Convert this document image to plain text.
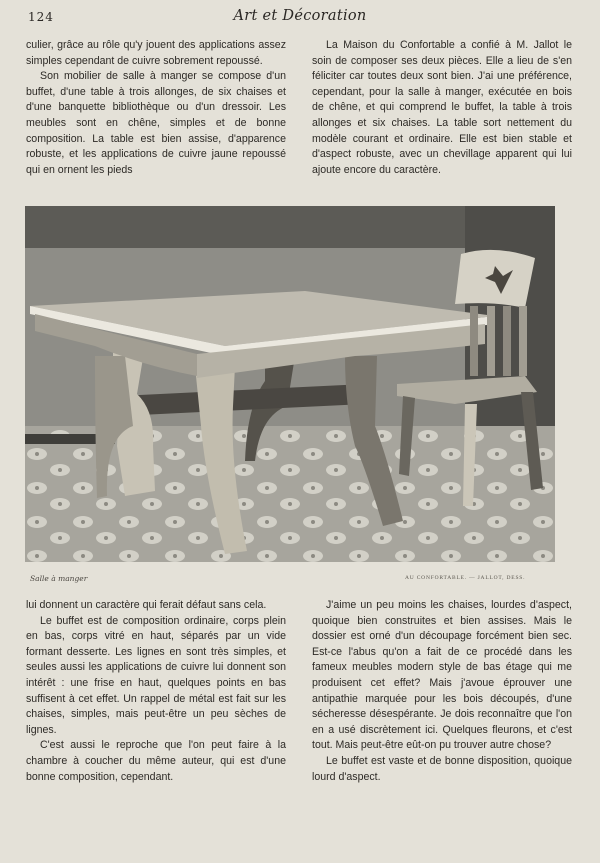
124	Art et Décoration

culier, grâce au rôle qu'y jouent des applications assez simples cependant de cuivre sobrement repoussé.

Son mobilier de salle à manger se compose d'un buffet, d'une table à trois allonges, de six chaises et d'une banquette bibliothèque ou d'un dressoir. Les meubles sont en chêne, simples et de bonne composition. La table est bien assise, d'apparence robuste, et les applications de cuivre jaune repoussé qui en ornent les pieds

La Maison du Confortable a confié à M. Jallot le soin de composer ses deux pièces. Elle a lieu de s'en féliciter car toutes deux sont bien. J'ai une préférence, cependant, pour la salle à manger, exécutée en bois de chêne, et qui comprend le buffet, la table à trois allonges et six chaises. La table sort nettement du modèle courant et ordinaire. Elle est bien stable et d'aspect robuste, avec un chevillage apparent qui lui ajoute encore du caractère.

Salle à manger	AU CONFORTABLE. — JALLOT, DESS.

lui donnent un caractère qui ferait défaut sans cela.

Le buffet est de composition ordinaire, corps plein en bas, corps vitré en haut, séparés par un vide formant desserte. Les lignes en sont très simples, et seules aussi les applications de cuivre lui donnent son intérêt : une frise en haut, quelques points en bas suffisent à cet effet. Un rappel de métal est fait sur les chaises, simples, mais peut-être un peu sèches de lignes.

C'est aussi le reproche que l'on peut faire à la chambre à coucher du même auteur, qui est d'une bonne composition, cependant.

J'aime un peu moins les chaises, lourdes d'aspect, quoique bien construites et bien assises. Mais le dossier est orné d'un découpage forcément bien sec. Est-ce l'abus qu'on a fait de ce procédé dans les fameux meubles modern style de bas étage qui me produisent cet effet? Mais j'avoue éprouver une antipathie marquée pour les bois découpés, d'une sécheresse désespérante. Je dois reconnaître que l'on en a usé discrètement ici. Quelques fleurons, et c'est tout. Mais peut-être eût-on pu trouver autre chose?

Le buffet est vaste et de bonne disposition, quoique lourd d'aspect.
